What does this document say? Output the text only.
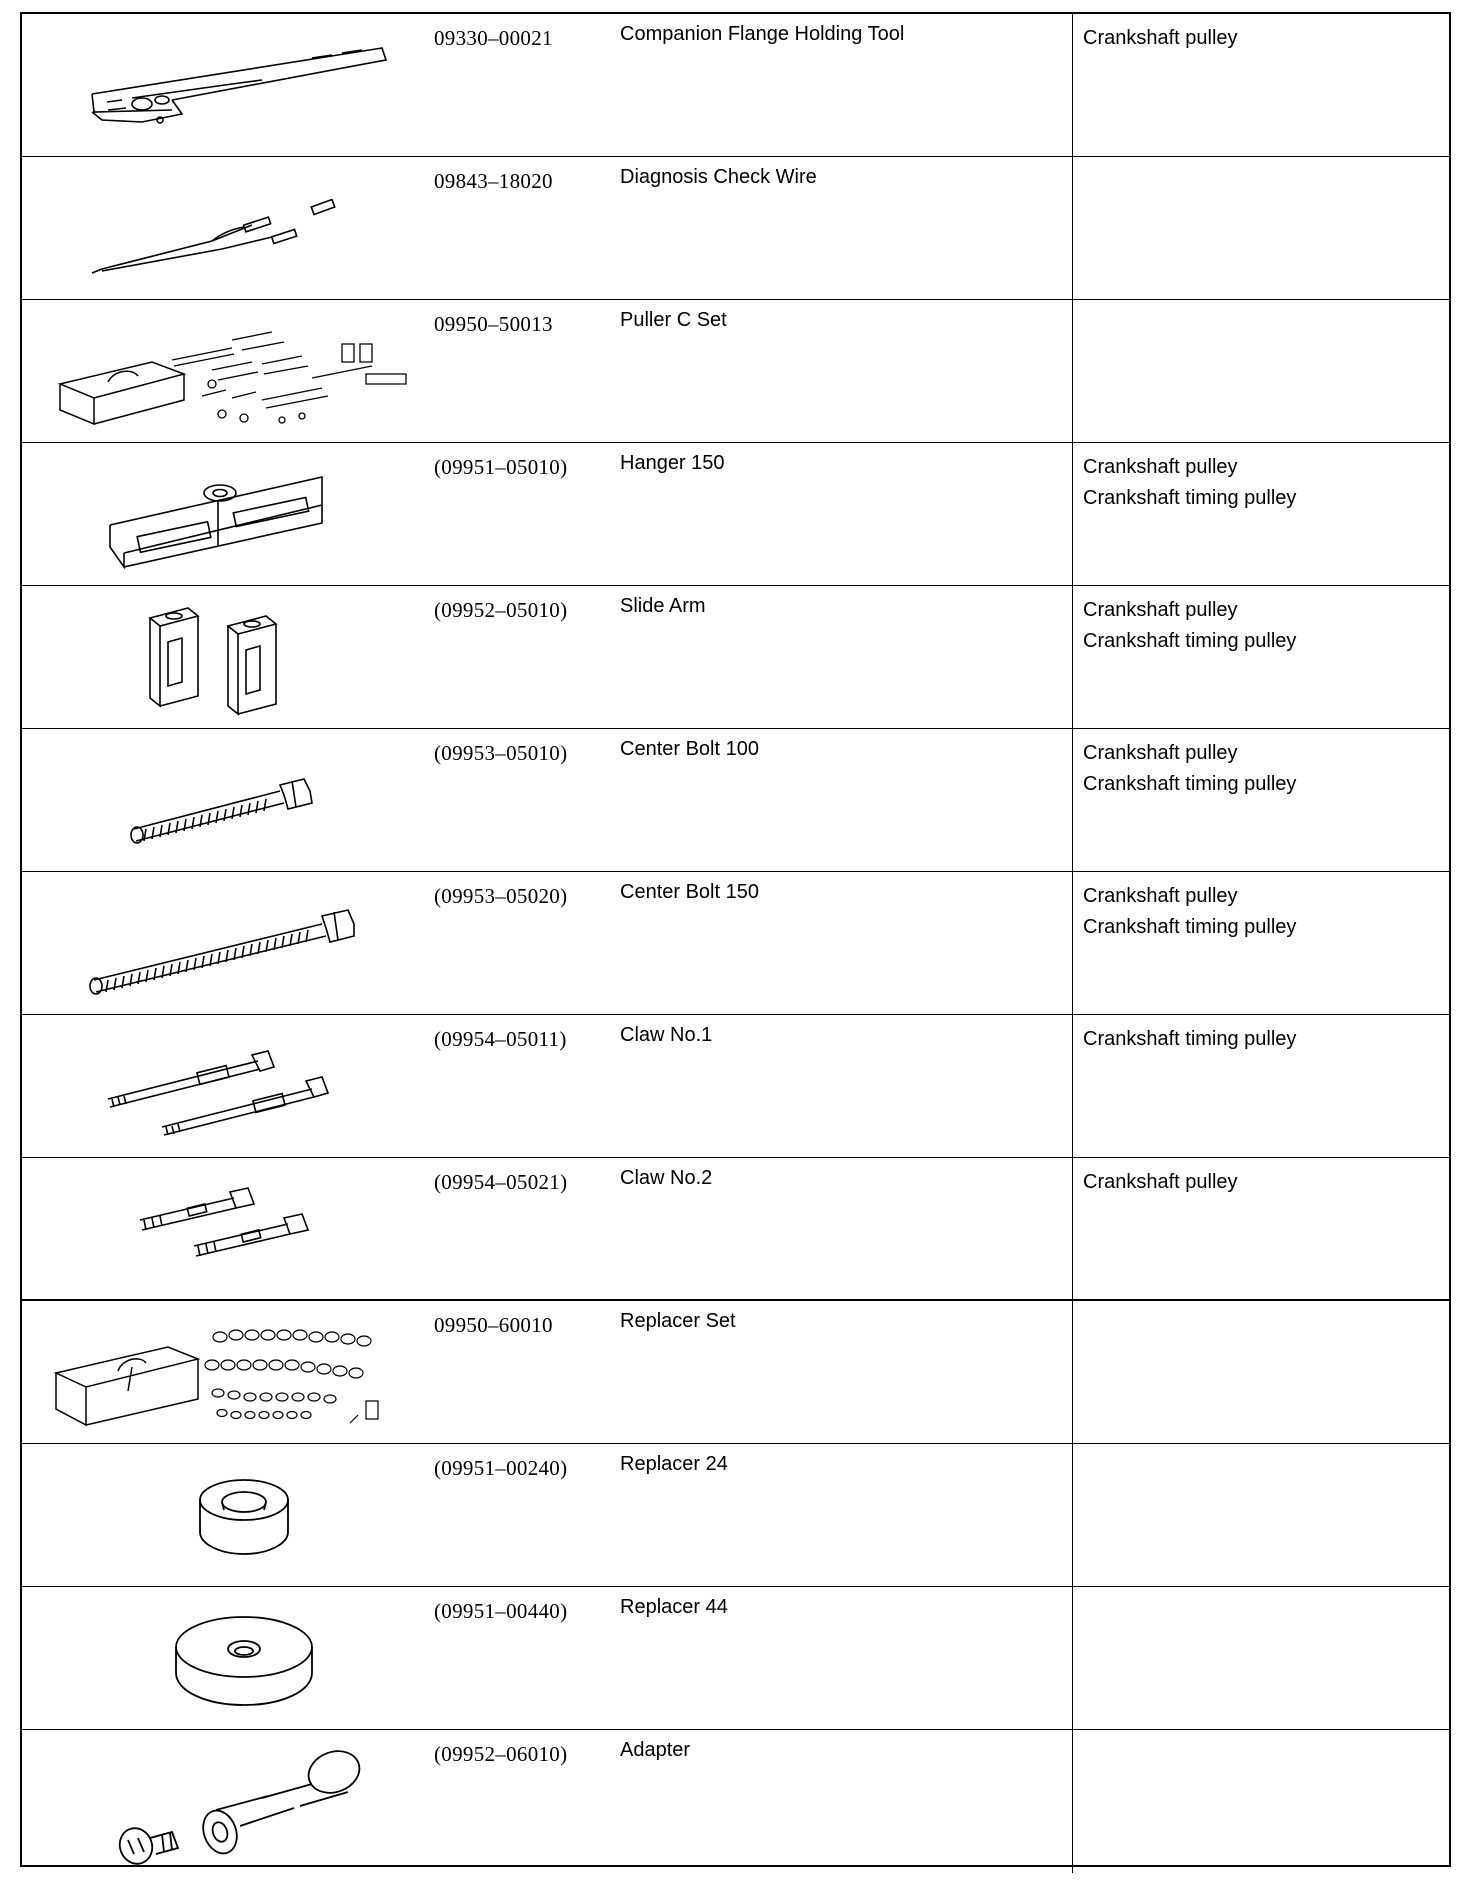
09330–00021	Companion Flange Holding Tool	Crankshaft pulley
09843–18020	Diagnosis Check Wire
09950–50013	Puller C Set
(09951–05010)	Hanger 150	Crankshaft pulley
Crankshaft timing pulley
(09952–05010)	Slide Arm	Crankshaft pulley
Crankshaft timing pulley
(09953–05010)	Center Bolt 100	Crankshaft pulley
Crankshaft timing pulley
(09953–05020)	Center Bolt 150	Crankshaft pulley
Crankshaft timing pulley
(09954–05011)	Claw No.1	Crankshaft timing pulley
(09954–05021)	Claw No.2	Crankshaft pulley
09950–60010	Replacer Set
(09951–00240)	Replacer 24
(09951–00440)	Replacer 44
(09952–06010)	Adapter
